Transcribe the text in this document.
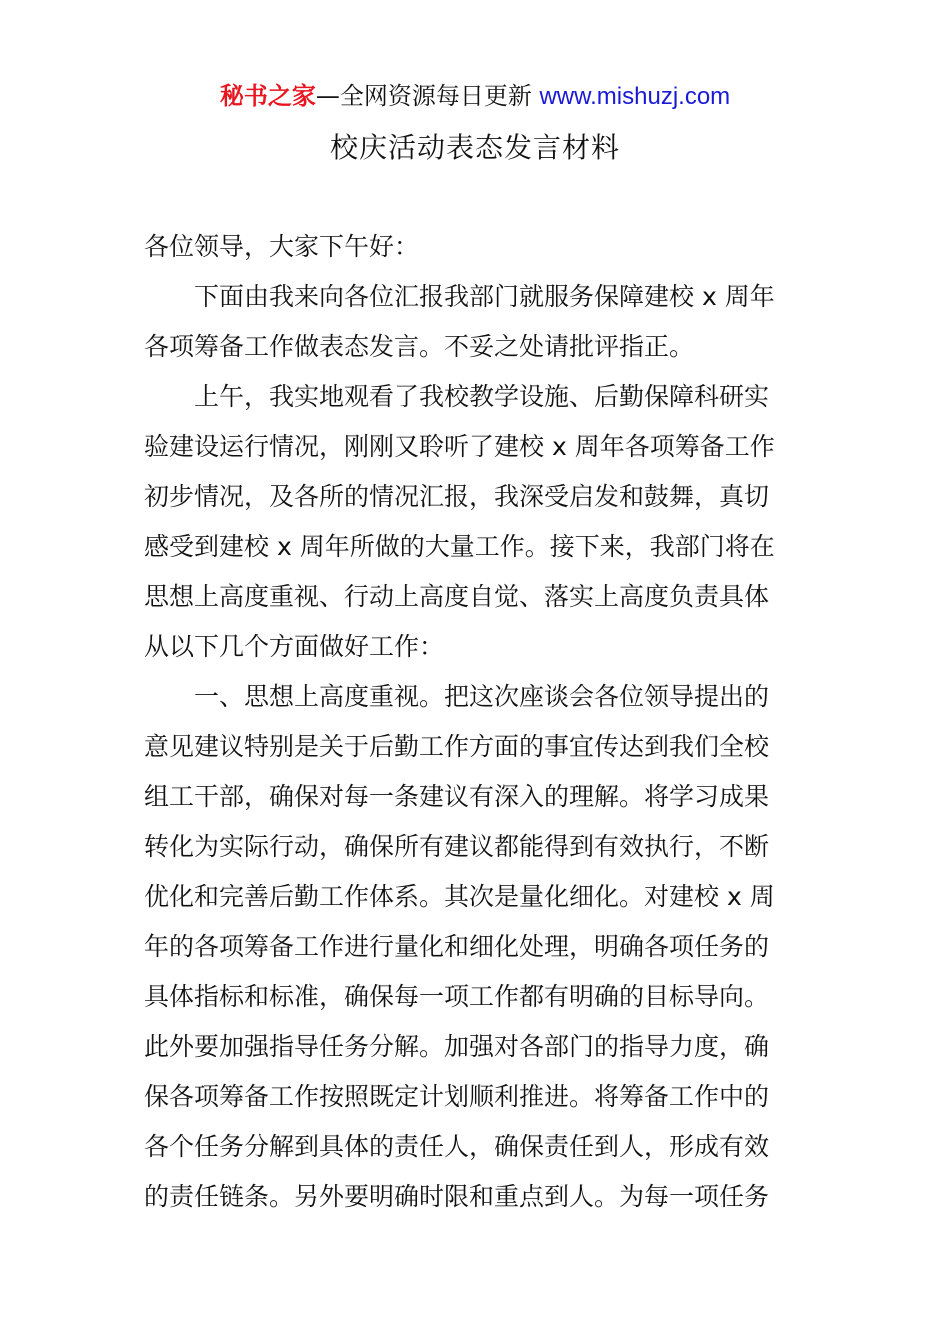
秘书之家—全网资源每日更新 www.mishuzj.com
校庆活动表态发言材料
各位领导，大家下午好：
下面由我来向各位汇报我部门就服务保障建校 x 周年
各项筹备工作做表态发言。不妥之处请批评指正。
上午，我实地观看了我校教学设施、后勤保障科研实
验建设运行情况，刚刚又聆听了建校 x 周年各项筹备工作
初步情况，及各所的情况汇报，我深受启发和鼓舞，真切
感受到建校 x 周年所做的大量工作。接下来，我部门将在
思想上高度重视、行动上高度自觉、落实上高度负责具体
从以下几个方面做好工作：
一、思想上高度重视。把这次座谈会各位领导提出的
意见建议特别是关于后勤工作方面的事宜传达到我们全校
组工干部，确保对每一条建议有深入的理解。将学习成果
转化为实际行动，确保所有建议都能得到有效执行，不断
优化和完善后勤工作体系。其次是量化细化。对建校 x 周
年的各项筹备工作进行量化和细化处理，明确各项任务的
具体指标和标准，确保每一项工作都有明确的目标导向。
此外要加强指导任务分解。加强对各部门的指导力度，确
保各项筹备工作按照既定计划顺利推进。将筹备工作中的
各个任务分解到具体的责任人，确保责任到人，形成有效
的责任链条。另外要明确时限和重点到人。为每一项任务
